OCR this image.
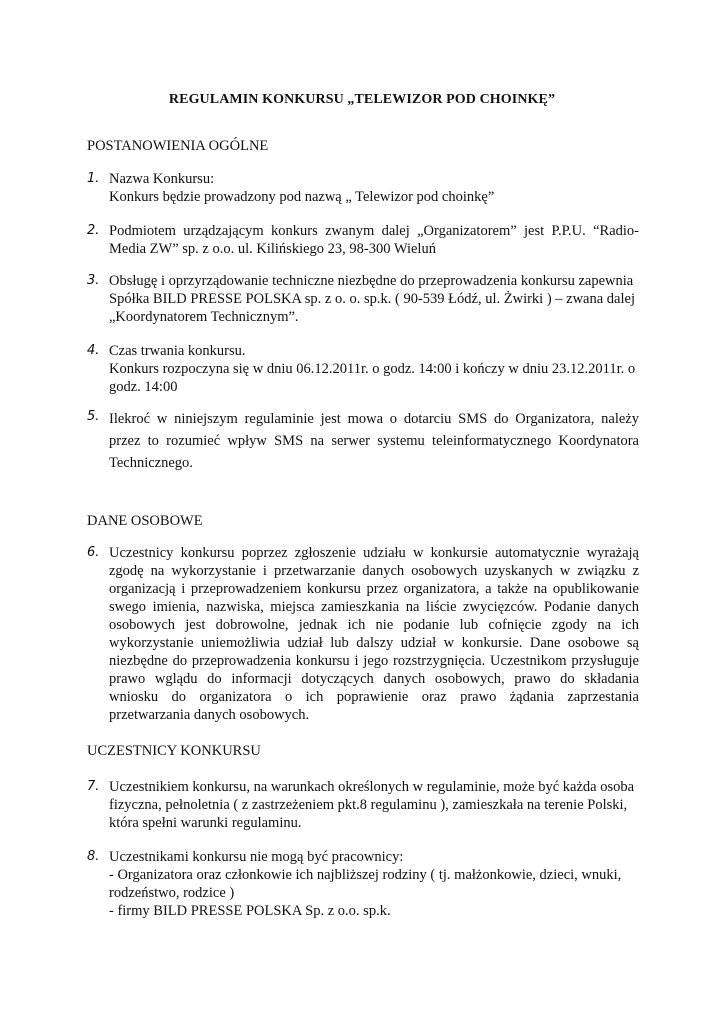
REGULAMIN KONKURSU „TELEWIZOR POD CHOINKĘ”
POSTANOWIENIA OGÓLNE
1. Nazwa Konkursu:
Konkurs będzie prowadzony pod nazwą „ Telewizor pod choinkę”
2. Podmiotem urządzającym konkurs zwanym dalej „Organizatorem” jest P.P.U. “Radio-
Media ZW” sp. z o.o. ul. Kilińskiego 23, 98-300 Wieluń
3. Obsługę i oprzyrządowanie techniczne niezbędne do przeprowadzenia konkursu zapewnia
Spółka BILD PRESSE POLSKA sp. z o. o. sp.k. ( 90-539 Łódź, ul. Żwirki ) – zwana dalej
„Koordynatorem Technicznym”.
4. Czas trwania konkursu.
Konkurs rozpoczyna się w dniu 06.12.2011r. o godz. 14:00 i kończy w dniu 23.12.2011r. o
godz. 14:00
5. Ilekroć w niniejszym regulaminie jest mowa o dotarciu SMS do Organizatora, należy
przez to rozumieć wpływ SMS na serwer systemu teleinformatycznego Koordynatora
Technicznego.
DANE OSOBOWE
6. Uczestnicy konkursu poprzez zgłoszenie udziału w konkursie automatycznie wyrażają
zgodę na wykorzystanie i przetwarzanie danych osobowych uzyskanych w związku z
organizacją i przeprowadzeniem konkursu przez organizatora, a także na opublikowanie
swego imienia, nazwiska, miejsca zamieszkania na liście zwycięzców. Podanie danych
osobowych jest dobrowolne, jednak ich nie podanie lub cofnięcie zgody na ich
wykorzystanie uniemożliwia udział lub dalszy udział w konkursie. Dane osobowe są
niezbędne do przeprowadzenia konkursu i jego rozstrzygnięcia. Uczestnikom przysługuje
prawo wglądu do informacji dotyczących danych osobowych, prawo do składania
wniosku do organizatora o ich poprawienie oraz prawo żądania zaprzestania
przetwarzania danych osobowych.
UCZESTNICY KONKURSU
7. Uczestnikiem konkursu, na warunkach określonych w regulaminie, może być każda osoba
fizyczna, pełnoletnia ( z zastrzeżeniem pkt.8 regulaminu ), zamieszkała na terenie Polski,
która spełni warunki regulaminu.
8. Uczestnikami konkursu nie mogą być pracownicy:
- Organizatora oraz członkowie ich najbliższej rodziny ( tj. małżonkowie, dzieci, wnuki,
rodzeństwo, rodzice )
- firmy BILD PRESSE POLSKA Sp. z o.o. sp.k.
